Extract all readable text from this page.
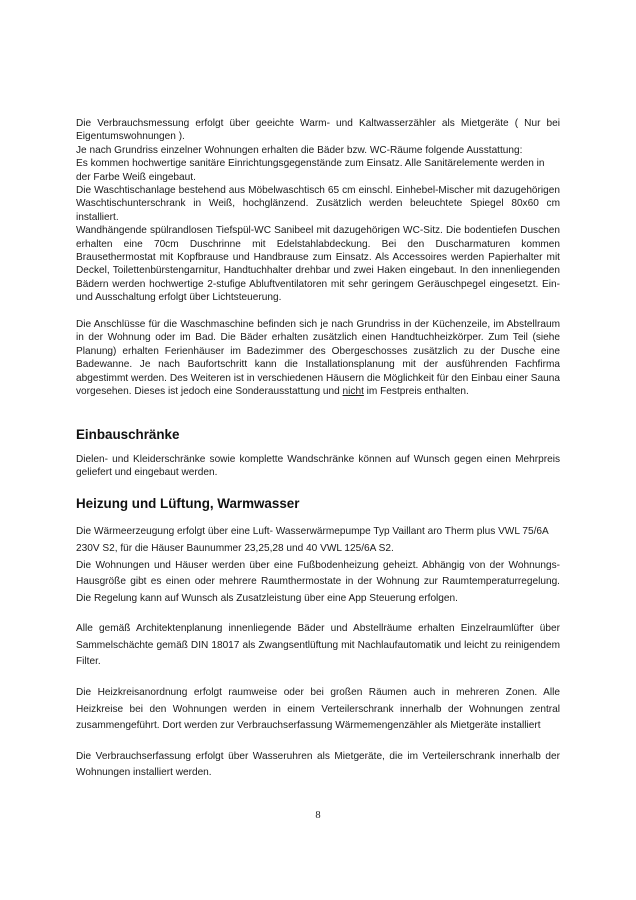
Die Verbrauchsmessung erfolgt über geeichte Warm- und Kaltwasserzähler als Mietgeräte ( Nur bei Eigentumswohnungen ).

Je nach Grundriss einzelner Wohnungen erhalten die Bäder bzw. WC-Räume folgende Ausstattung:

Es kommen hochwertige sanitäre Einrichtungsgegenstände zum Einsatz. Alle Sanitärelemente werden in der Farbe Weiß eingebaut.

Die Waschtischanlage bestehend aus Möbelwaschtisch 65 cm einschl. Einhebel-Mischer mit dazugehörigen Waschtischunterschrank in Weiß, hochglänzend. Zusätzlich werden beleuchtete Spiegel 80x60 cm installiert.

Wandhängende spülrandlosen Tiefspül-WC Sanibeel mit dazugehörigen WC-Sitz. Die bodentiefen Duschen erhalten eine 70cm Duschrinne mit Edelstahlabdeckung. Bei den Duscharmaturen kommen Brausethermostat mit Kopfbrause und Handbrause zum Einsatz. Als Accessoires werden Papierhalter mit Deckel, Toilettenbürstengarnitur, Handtuchhalter drehbar und zwei Haken eingebaut. In den innenliegenden Bädern werden hochwertige 2-stufige Abluftventilatoren mit sehr geringem Geräuschpegel eingesetzt. Ein- und Ausschaltung erfolgt über Lichtsteuerung.

Die Anschlüsse für die Waschmaschine befinden sich je nach Grundriss in der Küchenzeile, im Abstellraum in der Wohnung oder im Bad. Die Bäder erhalten zusätzlich einen Handtuchheizkörper. Zum Teil (siehe Planung) erhalten Ferienhäuser im Badezimmer des Obergeschosses zusätzlich zu der Dusche eine Badewanne. Je nach Baufortschritt kann die Installationsplanung mit der ausführenden Fachfirma abgestimmt werden. Des Weiteren ist in verschiedenen Häusern die Möglichkeit für den Einbau einer Sauna vorgesehen. Dieses ist jedoch eine Sonderausstattung und nicht im Festpreis enthalten.

Einbauschränke

Dielen- und Kleiderschränke sowie komplette Wandschränke können auf Wunsch gegen einen Mehrpreis geliefert und eingebaut werden.

Heizung und Lüftung, Warmwasser

Die Wärmeerzeugung erfolgt über eine Luft- Wasserwärmepumpe Typ Vaillant aro Therm plus VWL 75/6A 230V S2, für die Häuser Baunummer 23,25,28 und 40 VWL 125/6A S2.

Die Wohnungen und Häuser werden über eine Fußbodenheizung geheizt. Abhängig von der Wohnungs-Hausgröße gibt es einen oder mehrere Raumthermostate in der Wohnung zur Raumtemperaturregelung. Die Regelung kann auf Wunsch als Zusatzleistung über eine App Steuerung erfolgen.

Alle gemäß Architektenplanung innenliegende Bäder und Abstellräume erhalten Einzelraumlüfter über Sammelschächte gemäß DIN 18017 als Zwangsentlüftung mit Nachlaufautomatik und leicht zu reinigendem Filter.

Die Heizkreisanordnung erfolgt raumweise oder bei großen Räumen auch in mehreren Zonen. Alle Heizkreise bei den Wohnungen werden in einem Verteilerschrank innerhalb der Wohnungen zentral zusammengeführt. Dort werden zur Verbrauchserfassung Wärmemengenzähler als Mietgeräte installiert

Die Verbrauchserfassung erfolgt über Wasseruhren als Mietgeräte, die im Verteilerschrank innerhalb der Wohnungen installiert werden.

8
